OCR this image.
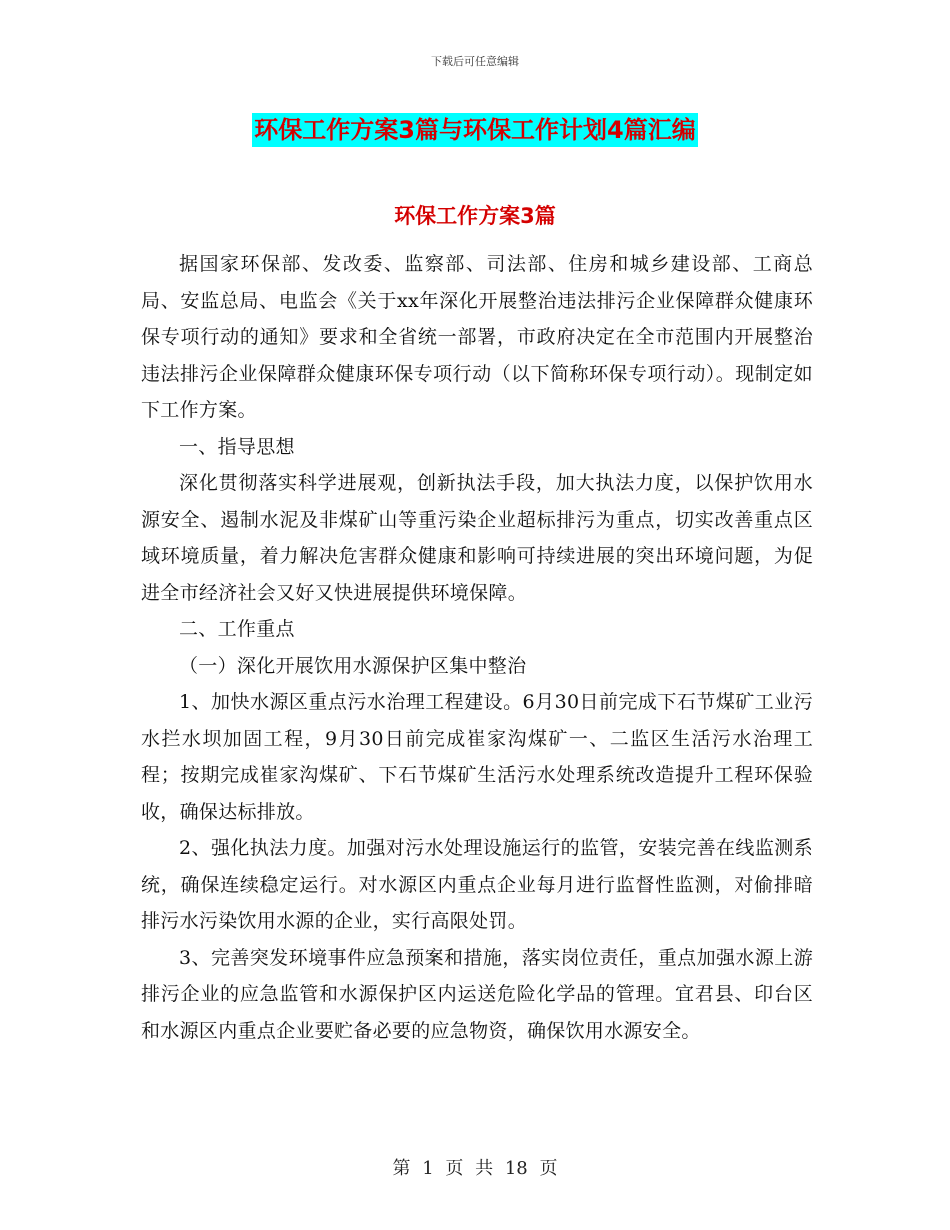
下载后可任意编辑
环保工作方案3篇与环保工作计划4篇汇编
环保工作方案3篇

据国家环保部、发改委、监察部、司法部、住房和城乡建设部、工商总局、安监总局、电监会《关于xx年深化开展整治违法排污企业保障群众健康环保专项行动的通知》要求和全省统一部署，市政府决定在全市范围内开展整治违法排污企业保障群众健康环保专项行动（以下简称环保专项行动）。现制定如下工作方案。

一、指导思想

深化贯彻落实科学进展观，创新执法手段，加大执法力度，以保护饮用水源安全、遏制水泥及非煤矿山等重污染企业超标排污为重点，切实改善重点区域环境质量，着力解决危害群众健康和影响可持续进展的突出环境问题，为促进全市经济社会又好又快进展提供环境保障。

二、工作重点

（一）深化开展饮用水源保护区集中整治

1、加快水源区重点污水治理工程建设。6月30日前完成下石节煤矿工业污水拦水坝加固工程，9月30日前完成崔家沟煤矿一、二监区生活污水治理工程；按期完成崔家沟煤矿、下石节煤矿生活污水处理系统改造提升工程环保验收，确保达标排放。

2、强化执法力度。加强对污水处理设施运行的监管，安装完善在线监测系统，确保连续稳定运行。对水源区内重点企业每月进行监督性监测，对偷排暗排污水污染饮用水源的企业，实行高限处罚。

3、完善突发环境事件应急预案和措施，落实岗位责任，重点加强水源上游排污企业的应急监管和水源保护区内运送危险化学品的管理。宜君县、印台区和水源区内重点企业要贮备必要的应急物资，确保饮用水源安全。

第 1 页 共 18 页
